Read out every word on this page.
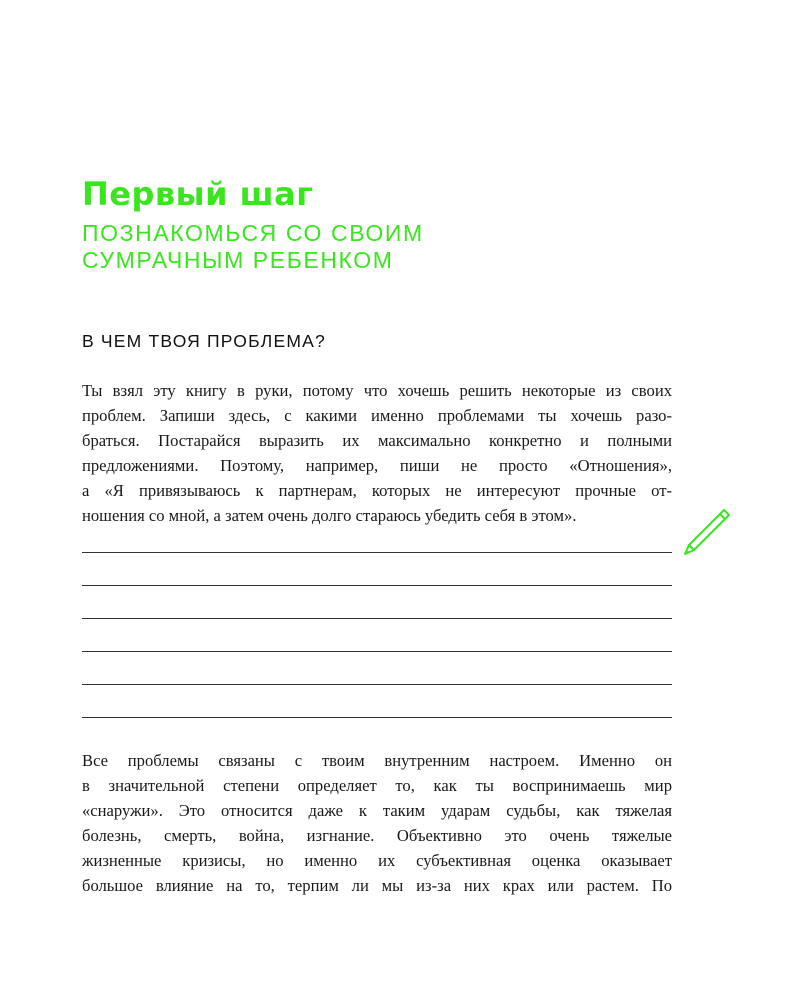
Первый шаг
ПОЗНАКОМЬСЯ СО СВОИМ
СУМРАЧНЫМ РЕБЕНКОМ
В ЧЕМ ТВОЯ ПРОБЛЕМА?
Ты взял эту книгу в руки, потому что хочешь решить некоторые из своих
проблем. Запиши здесь, с какими именно проблемами ты хочешь разо-
браться. Постарайся выразить их максимально конкретно и полными
предложениями. Поэтому, например, пиши не просто «Отношения»,
а «Я привязываюсь к партнерам, которых не интересуют прочные от-
ношения со мной, а затем очень долго стараюсь убедить себя в этом».
Все проблемы связаны с твоим внутренним настроем. Именно он
в значительной степени определяет то, как ты воспринимаешь мир
«снаружи». Это относится даже к таким ударам судьбы, как тяжелая
болезнь, смерть, война, изгнание. Объективно это очень тяжелые
жизненные кризисы, но именно их субъективная оценка оказывает
большое влияние на то, терпим ли мы из-за них крах или растем. По
